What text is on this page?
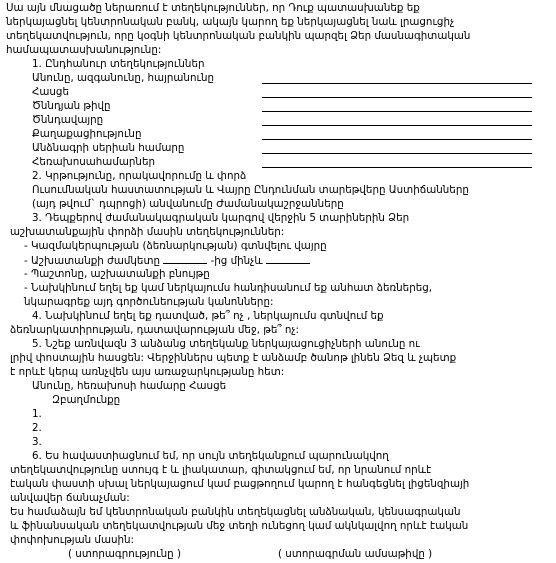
Սա այն մնացածը ներառում է տեղեկություններ, որ Դուք պատասխանեք եք
ներկայացնել կենտրոնական բանկ, ակայն կարող եք ներկայացնել նաև լրացուցիչ
տեղեկատվություն, որը կօգնի կենտրոնական բանկին պարզել Ձեր մասնագիտական
համապատասխանությունը:
1. Ընդհանուր տեղեկություններ
Անունը, ազգանունը, հայրանունը
Հասցե
Ծննդյան թիվը
Ծննդավայրը
Քաղաքացիությունը
Անձնագրի սերիան համարը
Հեռախոսահամարներ
2. Կրթությունը, որակավորումը և փորձ
Ուսումնական հաստատության և Վայրը Ընդունման տարեթվերը Աստիճանները
(այդ թվում` դպրոցի) անվանումը Ժամանակաշրջանները
3. Դեպքերով ժամանակագրական կարգով վերջին 5 տարիներին Ձեր
աշխատանքային փորձի մասին տեղեկություններ:
- Կազմակերպության (ձեռնարկության) գտնվելու վայրը
- Աշխատանքի ժամկետը	-ից մինչև
- Պաշտոնը, աշխատանքի բնույթը
- Նախկինում եղել եք կամ ներկայումս հանդիսանում եք անհատ ձեռներեց,
նկարագրեք այդ գործունեության կանոնները:
4. Նախկինում եղել եք դատված, թե՞ ոչ , ներկայումս գտնվում եք
ձեռնարկատիրության, դատավարության մեջ, թե՞ ոչ:
5. Նշեք առնվազն 3 անձանց տեղեկանք ներկայացուցիչների անունը ու
լրիվ փոստային հասցեն: Վերջիններս պետք է անձամբ ծանոթ լինեն Ձեզ և չպետք
է որևէ կերպ առնչվեն այս առաջարկությանը հետ:
Անունը, հեռախոսի համարը Հասցե
Զբաղմունքը
1.
2.
3.
6. Ես հավաստիացնում եմ, որ սույն տեղեկանքում պարունակվող
տեղեկատվությունը ստույգ է և լիակատար, գիտակցում եմ, որ նրանում որևէ
էական փաստի սխալ ներկայացում կամ բացթողում կարող է հանգեցնել լիցենզիայի
անվավեր ճանաչման:
Ես համաձայն եմ կենտրոնական բանկին տեղեկացնել անձնական, կենսագրական
և ֆինանսական տեղեկատվության մեջ տեղի ունեցող կամ ակնկալվող որևէ էական
փոփոխության մասին:
( ստորագրությունը )	( ստորագրման ամսաթիվը )
